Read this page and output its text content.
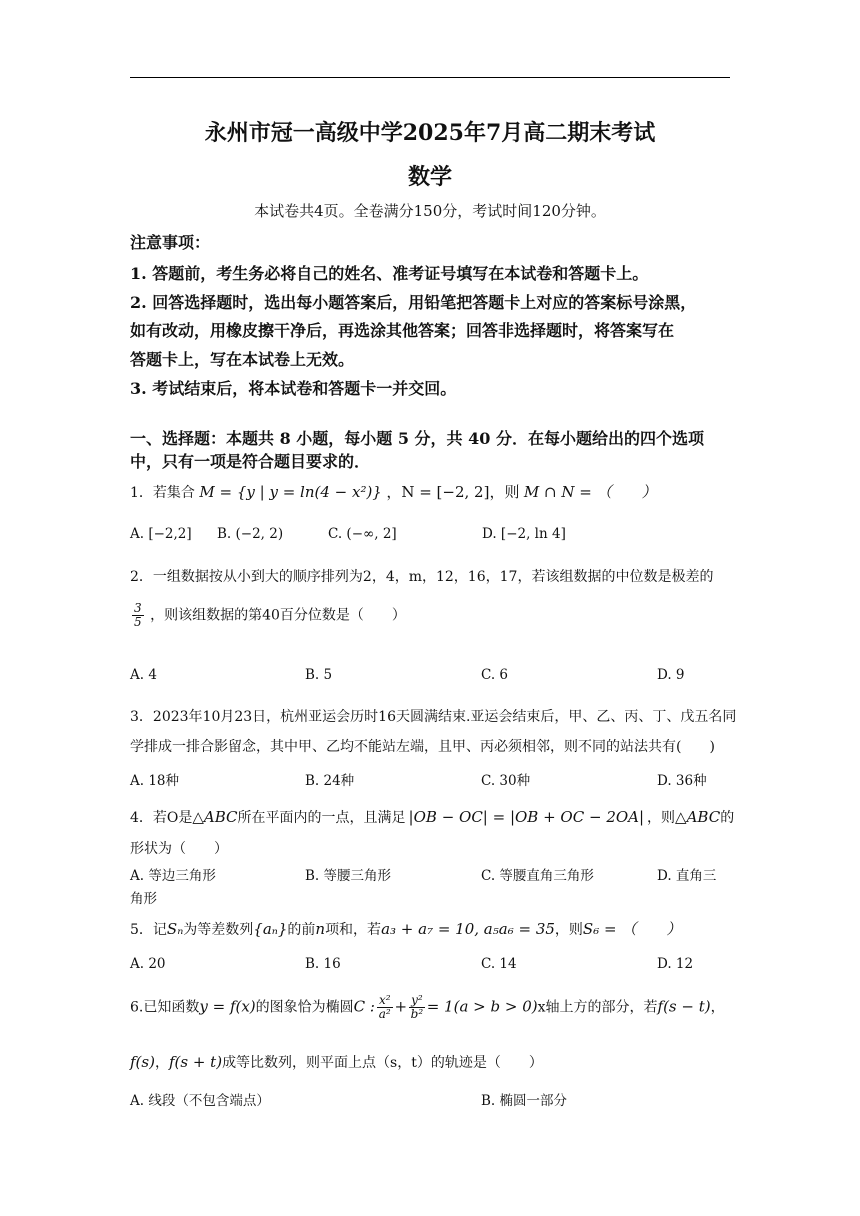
永州市冠一高级中学2025年7月高二期末考试
数学
本试卷共4页。全卷满分150分，考试时间120分钟。
注意事项：
1. 答题前，考生务必将自己的姓名、准考证号填写在本试卷和答题卡上。
2. 回答选择题时，选出每小题答案后，用铅笔把答题卡上对应的答案标号涂黑，
如有改动，用橡皮擦干净后，再选涂其他答案；回答非选择题时，将答案写在
答题卡上，写在本试卷上无效。
3. 考试结束后，将本试卷和答题卡一并交回。
一、选择题：本题共 8 小题，每小题 5 分，共 40 分．在每小题给出的四个选项
中，只有一项是符合题目要求的．
1．若集合 M = {y | y = ln(4 − x²)} ，N = [−2, 2]，则 M ∩ N = （　　）
A. [−2,2] B. (−2, 2)	C. (−∞, 2]	D. [−2, ln 4]
2．一组数据按从小到大的顺序排列为2，4，m，12，16，17，若该组数据的中位数是极差的
$\frac{3}{5}$ ，则该组数据的第40百分位数是（　　）
A. 4	B. 5	C. 6	D. 9
3．2023年10月23日，杭州亚运会历时16天圆满结束.亚运会结束后，甲、乙、丙、丁、戊五名同
学排成一排合影留念，其中甲、乙均不能站左端，且甲、丙必须相邻，则不同的站法共有(　　)
A. 18种	B. 24种	C. 30种	D. 36种
4．若O是△ABC所在平面内的一点，且满足 |OB − OC| = |OB + OC − 2OA| ，则△ABC的
形状为（　　）
A. 等边三角形	B. 等腰三角形	C. 等腰直角三角形	D. 直角三
角形
5．记Sₙ为等差数列{aₙ}的前n项和，若a₃ + a₇ = 10, a₅a₆ = 35，则S₆ = （　　）
A. 20	B. 16	C. 14	D. 12
6.已知函数y = f(x)的图象恰为椭圆C : $\frac{\text{x²}}{\text{a²}} + \frac{\text{y²}}{\text{b²}} = 1(a > b > 0)x$轴上方的部分，若f(s − t)，
f(s)，f(s + t)成等比数列，则平面上点（s，t）的轨迹是（　　）
A. 线段（不包含端点）	B. 椭圆一部分
